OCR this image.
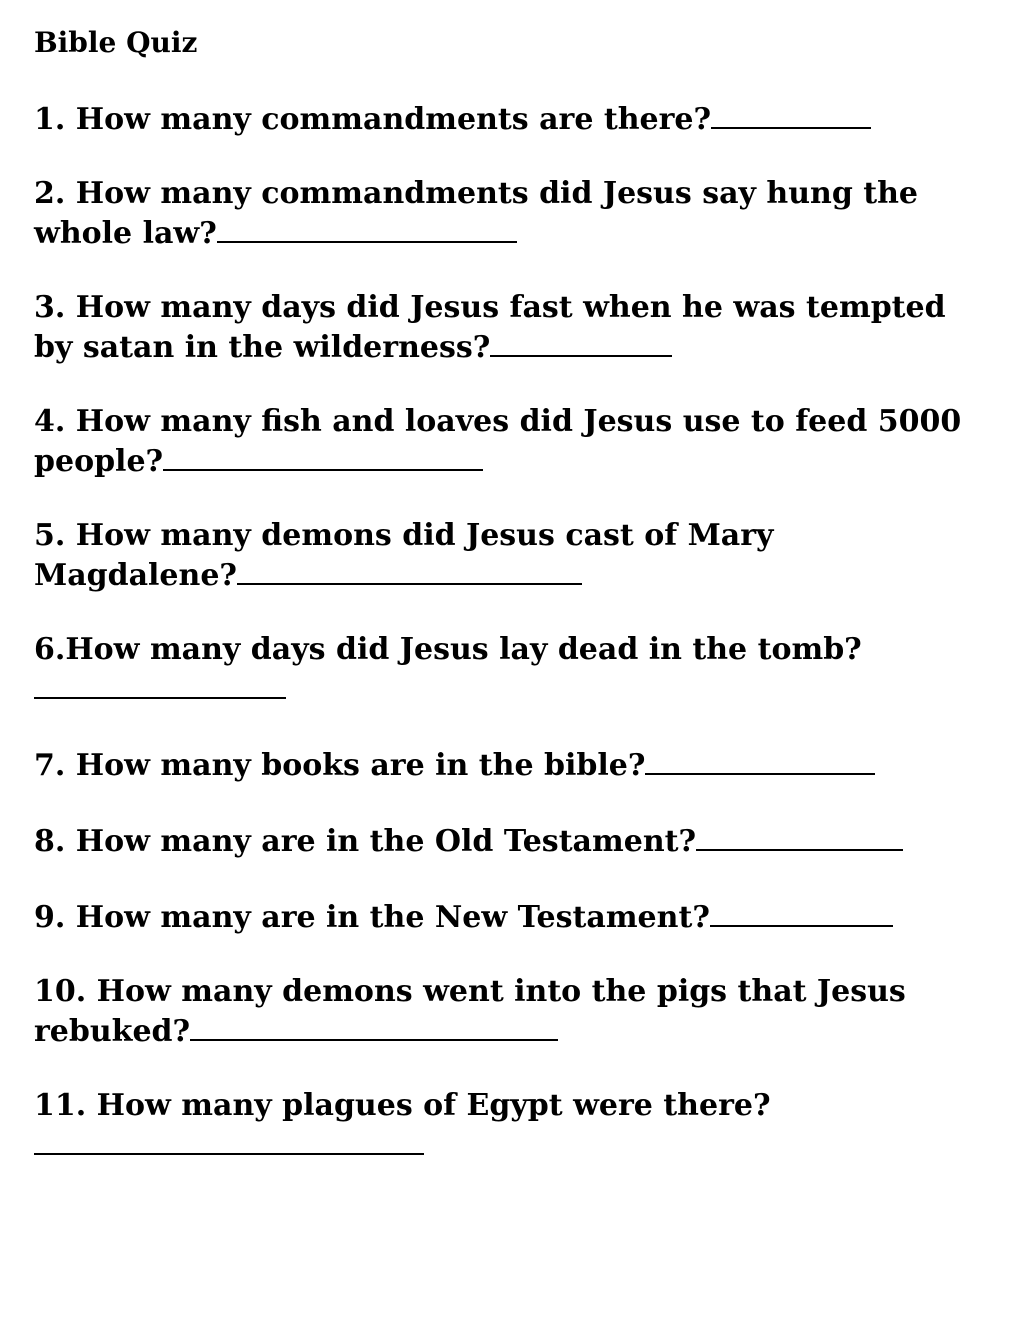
Bible Quiz
1. How many commandments are there?
2. How many commandments did Jesus say hung the
whole law?
3. How many days did Jesus fast when he was tempted
by satan in the wilderness?
4. How many fish and loaves did Jesus use to feed 5000
people?
5. How many demons did Jesus cast of Mary
Magdalene?
6.How many days did Jesus lay dead in the tomb?
7. How many books are in the bible?
8. How many are in the Old Testament?
9. How many are in the New Testament?
10. How many demons went into the pigs that Jesus
rebuked?
11. How many plagues of Egypt were there?
